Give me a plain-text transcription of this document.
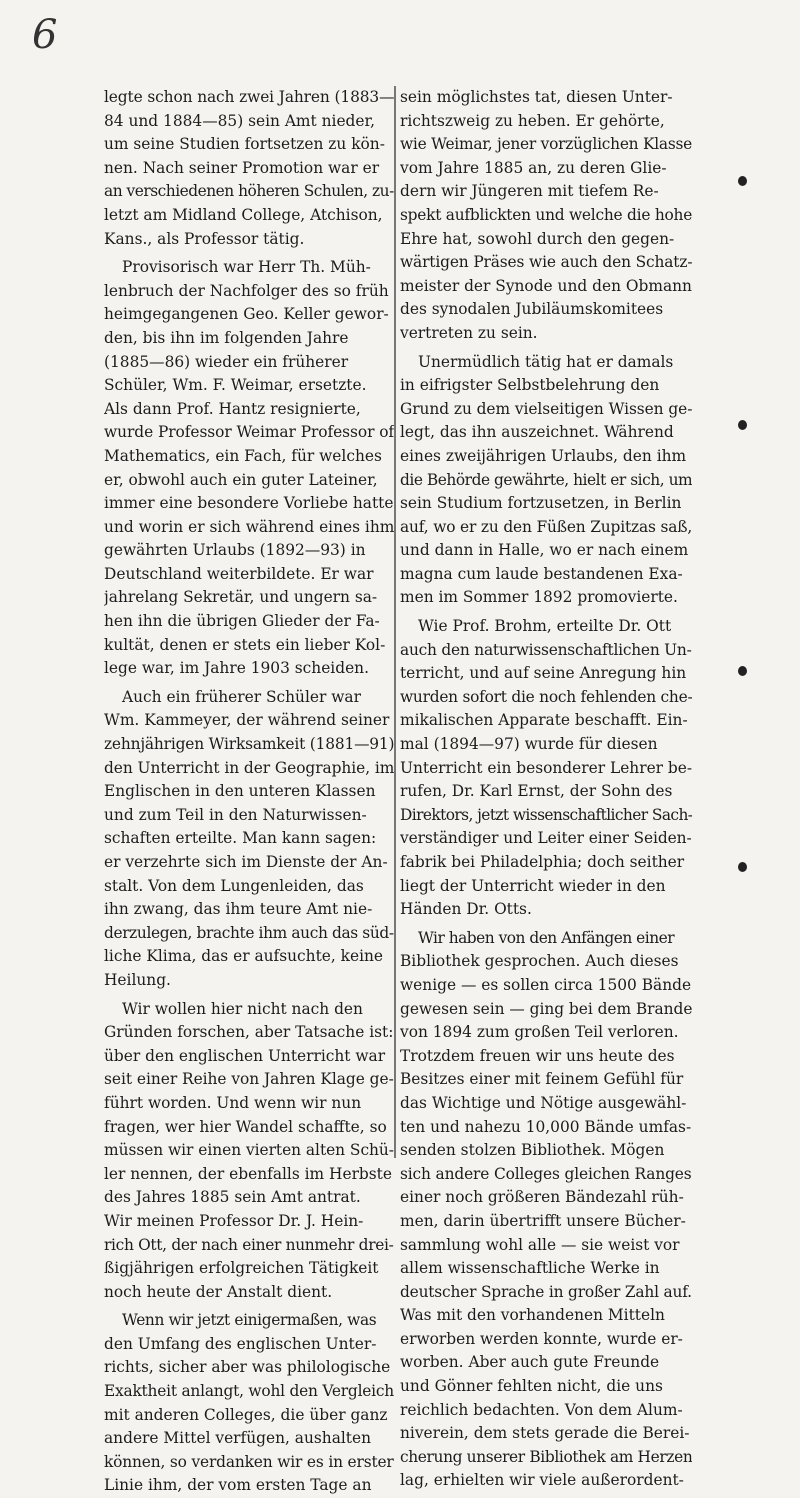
6
legte schon nach zwei Jahren (1883—
84 und 1884—85) sein Amt nieder,
um seine Studien fortsetzen zu kön-
nen. Nach seiner Promotion war er
an verschiedenen höheren Schulen, zu-
letzt am Midland College, Atchison,
Kans., als Professor tätig.
Provisorisch war Herr Th. Müh-
lenbruch der Nachfolger des so früh
heimgegangenen Geo. Keller gewor-
den, bis ihn im folgenden Jahre
(1885—86) wieder ein früherer
Schüler, Wm. F. Weimar, ersetzte.
Als dann Prof. Hantz resignierte,
wurde Professor Weimar Professor of
Mathematics, ein Fach, für welches
er, obwohl auch ein guter Lateiner,
immer eine besondere Vorliebe hatte
und worin er sich während eines ihm
gewährten Urlaubs (1892—93) in
Deutschland weiterbildete. Er war
jahrelang Sekretär, und ungern sa-
hen ihn die übrigen Glieder der Fa-
kultät, denen er stets ein lieber Kol-
lege war, im Jahre 1903 scheiden.
Auch ein früherer Schüler war
Wm. Kammeyer, der während seiner
zehnjährigen Wirksamkeit (1881—91)
den Unterricht in der Geographie, im
Englischen in den unteren Klassen
und zum Teil in den Naturwissen-
schaften erteilte. Man kann sagen:
er verzehrte sich im Dienste der An-
stalt. Von dem Lungenleiden, das
ihn zwang, das ihm teure Amt nie-
derzulegen, brachte ihm auch das süd-
liche Klima, das er aufsuchte, keine
Heilung.
Wir wollen hier nicht nach den
Gründen forschen, aber Tatsache ist:
über den englischen Unterricht war
seit einer Reihe von Jahren Klage ge-
führt worden. Und wenn wir nun
fragen, wer hier Wandel schaffte, so
müssen wir einen vierten alten Schü-
ler nennen, der ebenfalls im Herbste
des Jahres 1885 sein Amt antrat.
Wir meinen Professor Dr. J. Hein-
rich Ott, der nach einer nunmehr drei-
ßigjährigen erfolgreichen Tätigkeit
noch heute der Anstalt dient.
Wenn wir jetzt einigermaßen, was
den Umfang des englischen Unter-
richts, sicher aber was philologische
Exaktheit anlangt, wohl den Vergleich
mit anderen Colleges, die über ganz
andere Mittel verfügen, aushalten
können, so verdanken wir es in erster
Linie ihm, der vom ersten Tage an
sein möglichstes tat, diesen Unter-
richtszweig zu heben. Er gehörte,
wie Weimar, jener vorzüglichen Klasse
vom Jahre 1885 an, zu deren Glie-
dern wir Jüngeren mit tiefem Re-
spekt aufblickten und welche die hohe
Ehre hat, sowohl durch den gegen-
wärtigen Präses wie auch den Schatz-
meister der Synode und den Obmann
des synodalen Jubiläumskomitees
vertreten zu sein.
Unermüdlich tätig hat er damals
in eifrigster Selbstbelehrung den
Grund zu dem vielseitigen Wissen ge-
legt, das ihn auszeichnet. Während
eines zweijährigen Urlaubs, den ihm
die Behörde gewährte, hielt er sich, um
sein Studium fortzusetzen, in Berlin
auf, wo er zu den Füßen Zupitzas saß,
und dann in Halle, wo er nach einem
magna cum laude bestandenen Exa-
men im Sommer 1892 promovierte.
Wie Prof. Brohm, erteilte Dr. Ott
auch den naturwissenschaftlichen Un-
terricht, und auf seine Anregung hin
wurden sofort die noch fehlenden che-
mikalischen Apparate beschafft. Ein-
mal (1894—97) wurde für diesen
Unterricht ein besonderer Lehrer be-
rufen, Dr. Karl Ernst, der Sohn des
Direktors, jetzt wissenschaftlicher Sach-
verständiger und Leiter einer Seiden-
fabrik bei Philadelphia; doch seither
liegt der Unterricht wieder in den
Händen Dr. Otts.
Wir haben von den Anfängen einer
Bibliothek gesprochen. Auch dieses
wenige — es sollen circa 1500 Bände
gewesen sein — ging bei dem Brande
von 1894 zum großen Teil verloren.
Trotzdem freuen wir uns heute des
Besitzes einer mit feinem Gefühl für
das Wichtige und Nötige ausgewähl-
ten und nahezu 10,000 Bände umfas-
senden stolzen Bibliothek. Mögen
sich andere Colleges gleichen Ranges
einer noch größeren Bändezahl rüh-
men, darin übertrifft unsere Bücher-
sammlung wohl alle — sie weist vor
allem wissenschaftliche Werke in
deutscher Sprache in großer Zahl auf.
Was mit den vorhandenen Mitteln
erworben werden konnte, wurde er-
worben. Aber auch gute Freunde
und Gönner fehlten nicht, die uns
reichlich bedachten. Von dem Alum-
niverein, dem stets gerade die Berei-
cherung unserer Bibliothek am Herzen
lag, erhielten wir viele außerordent-
